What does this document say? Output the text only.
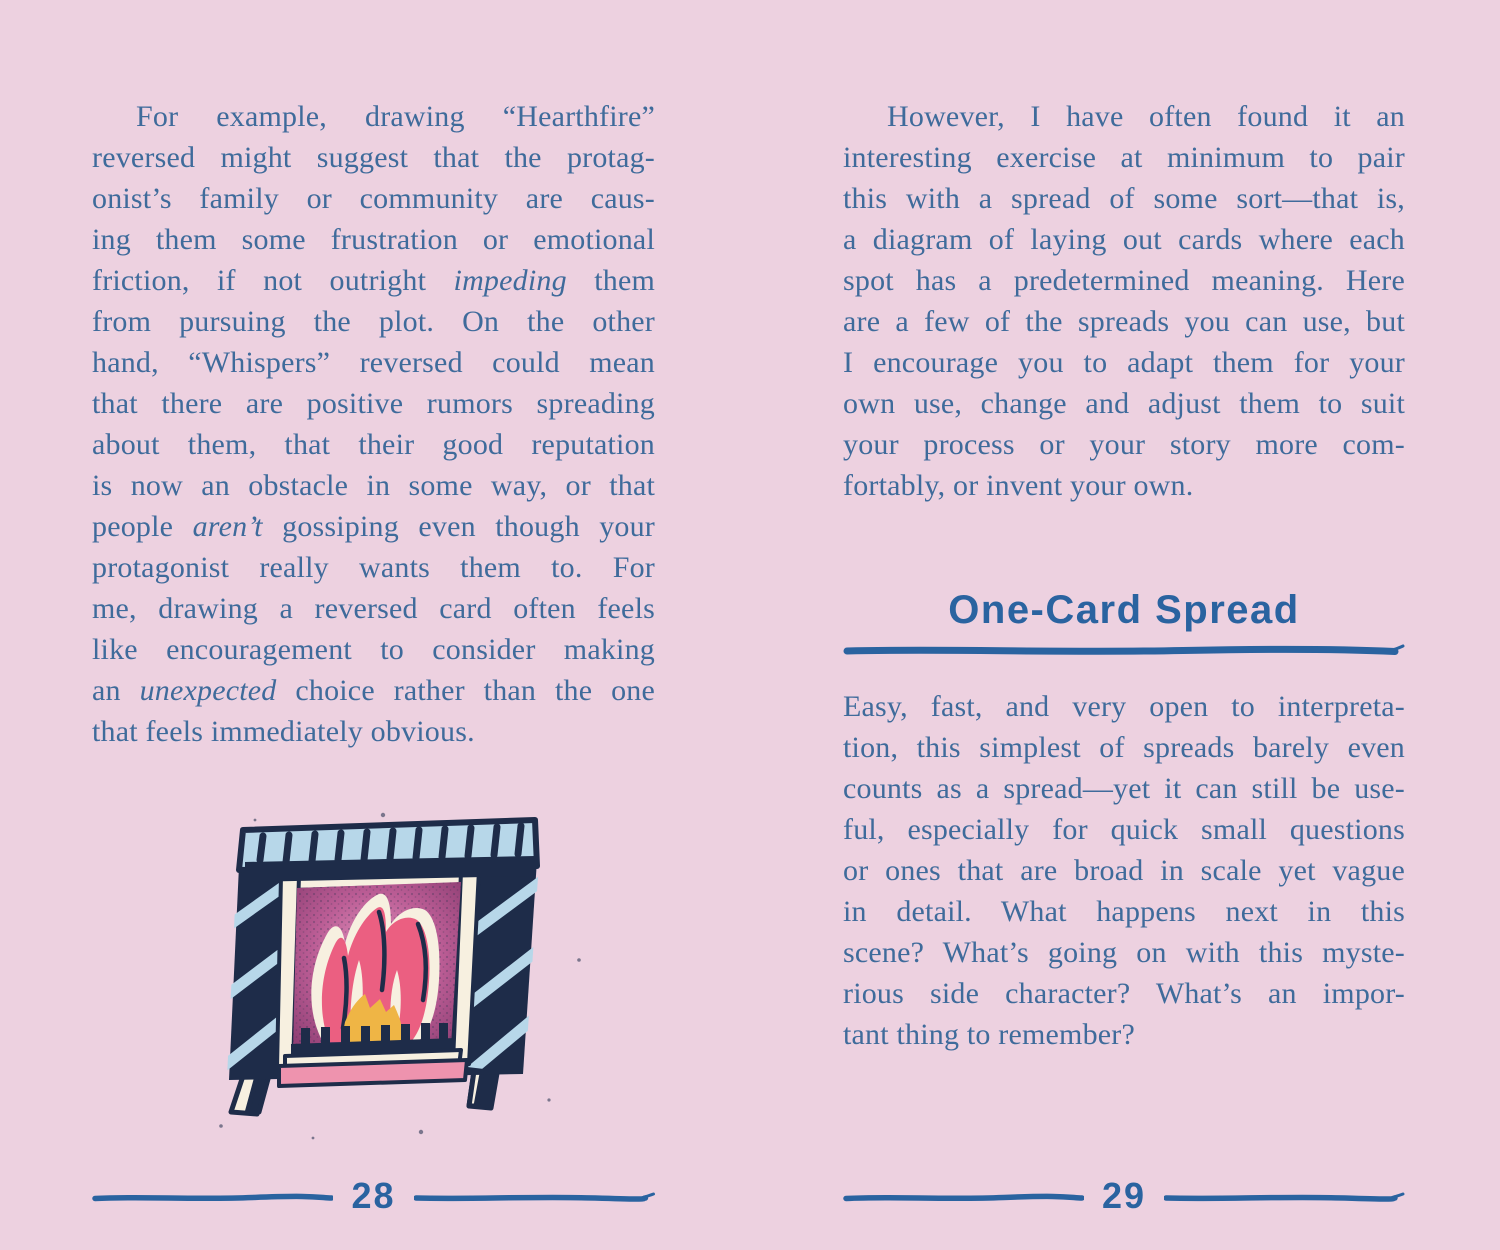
For example, drawing “Hearthfire”
reversed might suggest that the protag-
onist’s family or community are caus-
ing them some frustration or emotional
friction, if not outright impeding them
from pursuing the plot. On the other
hand, “Whispers” reversed could mean
that there are positive rumors spreading
about them, that their good reputation
is now an obstacle in some way, or that
people aren’t gossiping even though your
protagonist really wants them to. For
me, drawing a reversed card often feels
like encouragement to consider making
an unexpected choice rather than the one
that feels immediately obvious.
28
However, I have often found it an
interesting exercise at minimum to pair
this with a spread of some sort—that is,
a diagram of laying out cards where each
spot has a predetermined meaning. Here
are a few of the spreads you can use, but
I encourage you to adapt them for your
own use, change and adjust them to suit
your process or your story more com-
fortably, or invent your own.
One-Card Spread
Easy, fast, and very open to interpreta-
tion, this simplest of spreads barely even
counts as a spread—yet it can still be use-
ful, especially for quick small questions
or ones that are broad in scale yet vague
in detail. What happens next in this
scene? What’s going on with this myste-
rious side character? What’s an impor-
tant thing to remember?
29
